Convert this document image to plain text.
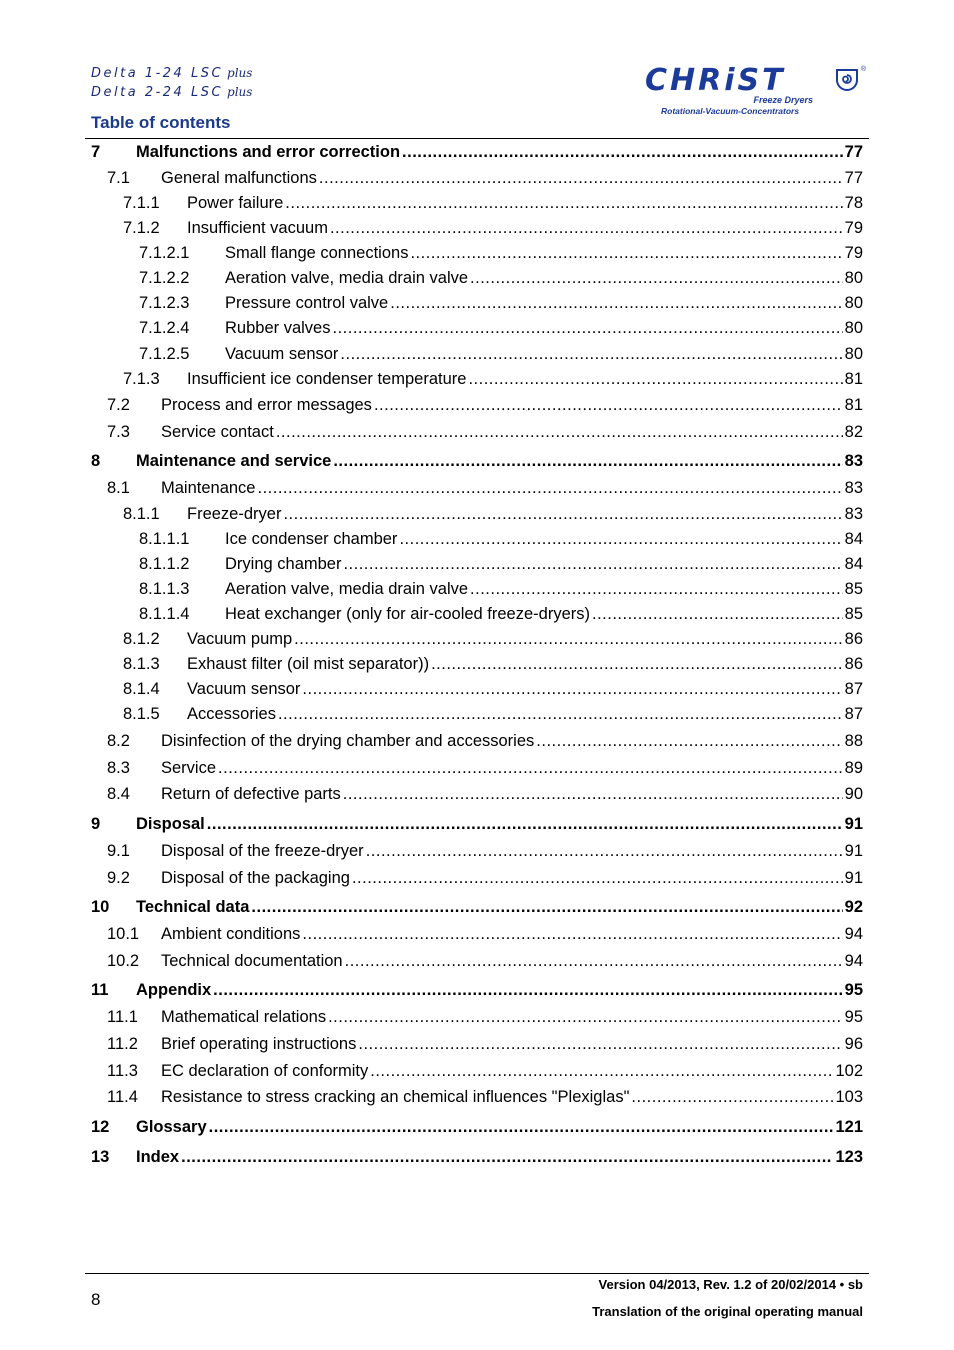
Delta 1-24 LSC plus
Delta 2-24 LSC plus
Table of contents
CHRiST	®
Freeze Dryers
Rotational-Vacuum-Concentrators
7	Malfunctions and error correction .....	77
7.1	General malfunctions .....	77
7.1.1	Power failure .....	78
7.1.2	Insufficient vacuum .....	79
7.1.2.1	Small flange connections .....	79
7.1.2.2	Aeration valve, media drain valve .....	80
7.1.2.3	Pressure control valve .....	80
7.1.2.4	Rubber valves .....	80
7.1.2.5	Vacuum sensor .....	80
7.1.3	Insufficient ice condenser temperature .....	81
7.2	Process and error messages .....	81
7.3	Service contact .....	82
8	Maintenance and service .....	83
8.1	Maintenance .....	83
8.1.1	Freeze-dryer .....	83
8.1.1.1	Ice condenser chamber .....	84
8.1.1.2	Drying chamber .....	84
8.1.1.3	Aeration valve, media drain valve .....	85
8.1.1.4	Heat exchanger (only for air-cooled freeze-dryers) .....	85
8.1.2	Vacuum pump .....	86
8.1.3	Exhaust filter (oil mist separator)) .....	86
8.1.4	Vacuum sensor .....	87
8.1.5	Accessories .....	87
8.2	Disinfection of the drying chamber and accessories .....	88
8.3	Service .....	89
8.4	Return of defective parts .....	90
9	Disposal .....	91
9.1	Disposal of the freeze-dryer .....	91
9.2	Disposal of the packaging .....	91
10	Technical data .....	92
10.1	Ambient conditions .....	94
10.2	Technical documentation .....	94
11	Appendix .....	95
11.1	Mathematical relations .....	95
11.2	Brief operating instructions .....	96
11.3	EC declaration of conformity .....	102
11.4	Resistance to stress cracking an chemical influences "Plexiglas" .....	103
12	Glossary .....	121
13	Index .....	123
8
Version 04/2013, Rev. 1.2 of 20/02/2014 • sb
Translation of the original operating manual
